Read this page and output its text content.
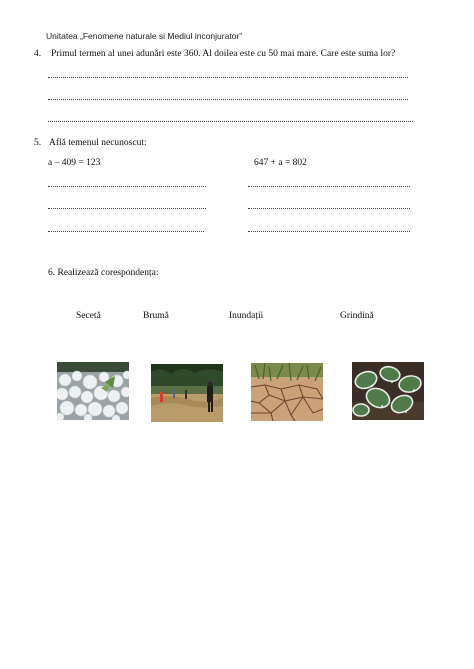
Unitatea „Fenomene naturale si Mediul inconjurator”
4. Primul termen al unei adunări este 360. Al doilea este cu 50 mai mare. Care este suma lor?
5. Află temenul necunoscut:
a – 409 = 123	647 + a = 802
6. Realizează corespondența:
Secetă	Brumă	Inundații	Grindină
